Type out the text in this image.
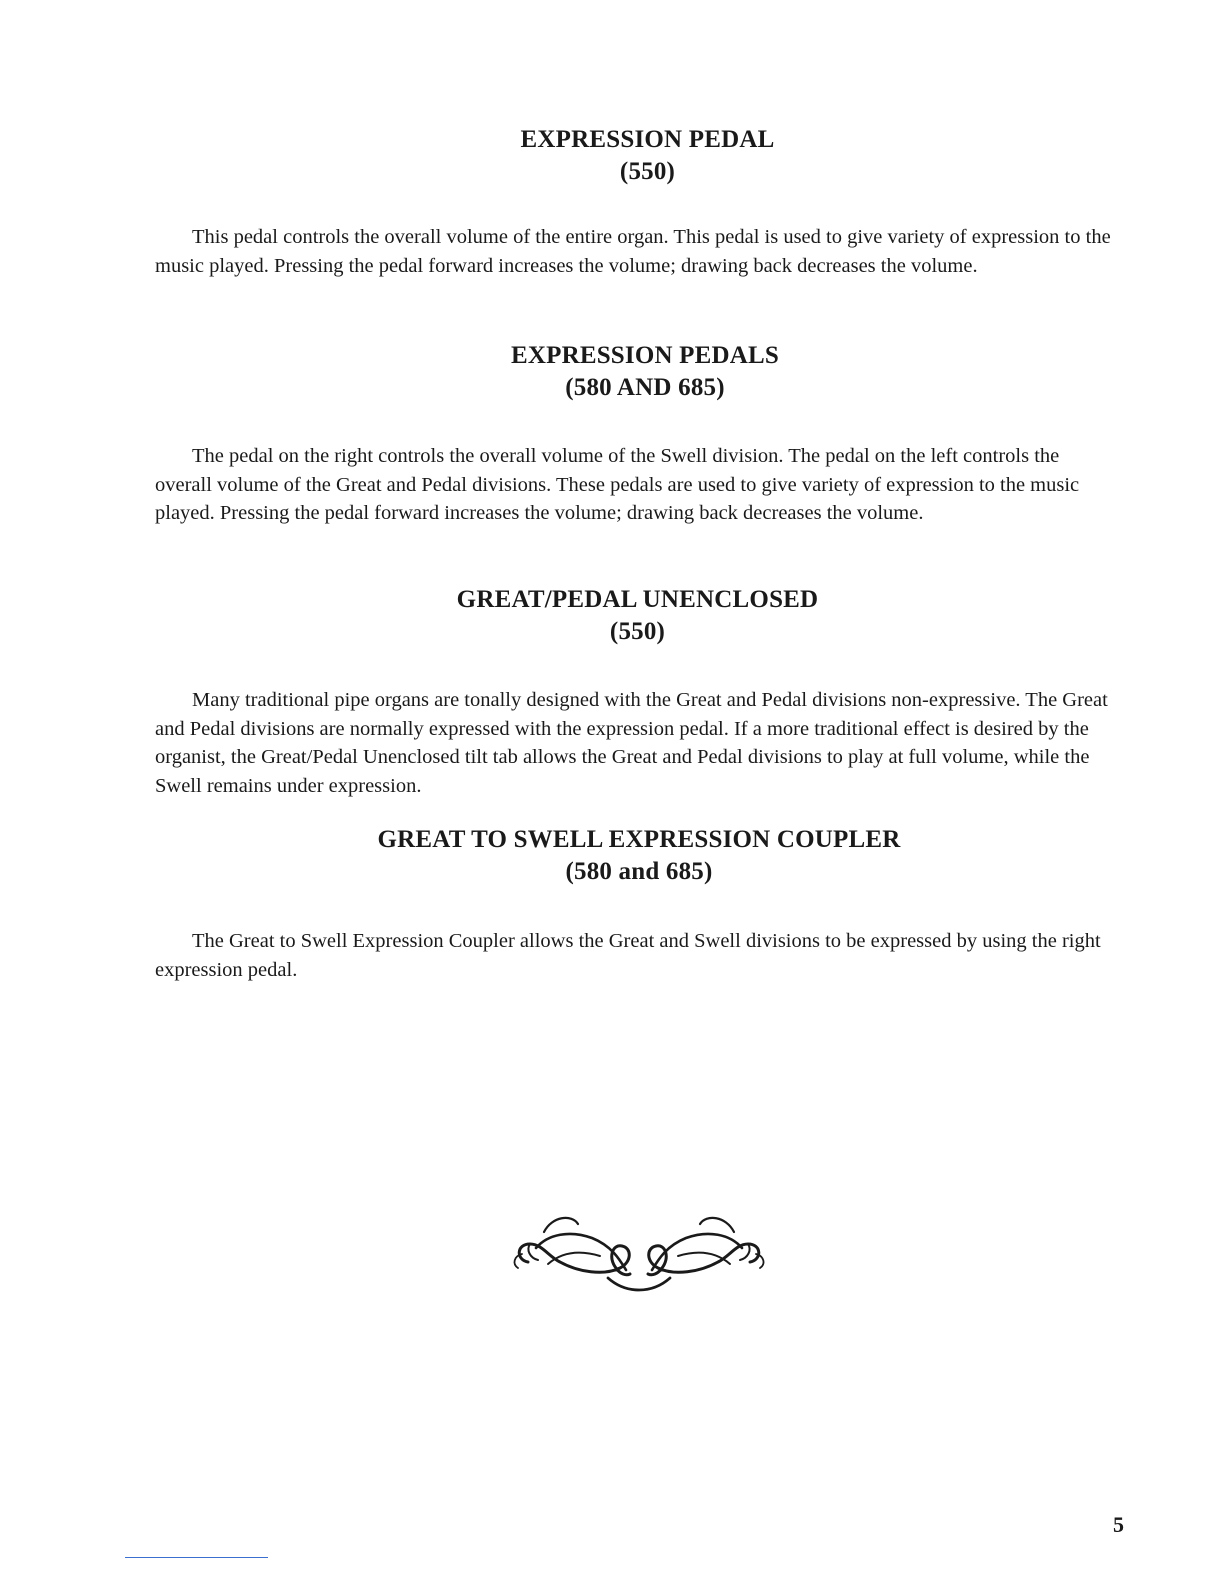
EXPRESSION PEDAL
(550)

This pedal controls the overall volume of the entire organ. This pedal is used to give variety of expression to the music played. Pressing the pedal forward increases the volume; drawing back decreases the volume.

EXPRESSION PEDALS
(580 AND 685)

The pedal on the right controls the overall volume of the Swell division. The pedal on the left controls the overall volume of the Great and Pedal divisions. These pedals are used to give variety of expression to the music played. Pressing the pedal forward increases the volume; drawing back decreases the volume.

GREAT/PEDAL UNENCLOSED
(550)

Many traditional pipe organs are tonally designed with the Great and Pedal divisions non-expressive. The Great and Pedal divisions are normally expressed with the expression pedal. If a more traditional effect is desired by the organist, the Great/Pedal Unenclosed tilt tab allows the Great and Pedal divisions to play at full volume, while the Swell remains under expression.

GREAT TO SWELL EXPRESSION COUPLER
(580 and 685)

The Great to Swell Expression Coupler allows the Great and Swell divisions to be expressed by using the right expression pedal.

5
